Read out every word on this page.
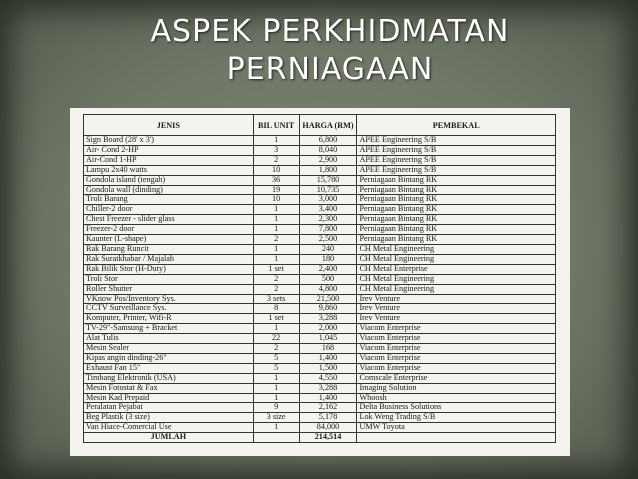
ASPEK PERKHIDMATAN
PERNIAGAAN
JENIS	BIL UNIT	HARGA (RM)	PEMBEKAL
Sign Board (28' x 3')	1	6,800	APEE Engineering S/B
Air- Cond 2-HP	3	8,040	APEE Engineering S/B
Air-Cond 1-HP	2	2,900	APEE Engineering S/B
Lampu 2x40 watts	10	1,800	APEE Engineering S/B
Gondola island (tengah)	36	15,780	Perniagaan Bintang RK
Gondola wall (dinding)	19	10,735	Perniagaan Bintang RK
Troli Barang	10	3,000	Perniagaan Bintang RK
Chiller-2 door	1	3,400	Perniagaan Bintang RK
Chest Freezer - slider glass	1	2,300	Perniagaan Bintang RK
Freezer-2 door	1	7,800	Perniagaan Bintang RK
Kaunter (L-shape)	2	2,500	Perniagaan Bintang RK
Rak Barang Runcit	1	240	CH Metal Engineering
Rak Suratkhabar / Majalah	1	180	CH Metal Engineering
Rak Bilik Stor (H-Duty)	1 set	2,400	CH Metal Enterprise
Troli Stor	2	500	CH Metal Engineering
Roller Shutter	2	4,800	CH Metal Engineering
VKnow Pos/Inventory Sys.	3 sets	21,500	Irev Venture
CCTV Surveillance Sys.	8	9,860	Irev Venture
Komputer, Printer, Wifi-R	1 set	3,288	Irev Venture
TV-29"-Samsung + Bracket	1	2,000	Viacom Enterprise
Alat Tulis	22	1,045	Viacom Enterprise
Mesin Sealer	2	168	Viacom Enterprise
Kipas angin dinding-26"	5	1,400	Viacom Enterprise
Exhaust Fan 15"	5	1,500	Viacom Enterprise
Timbang Elektronik (USA)	1	4,550	Comscale Enterprise
Mesin Fotostat & Fax	1	3,288	Imaging Solution
Mesin Kad Prepaid	1	1,400	Whoosh
Peralatan Pejabat	9	2,162	Delta Business Solutions
Beg Plastik (3 size)	3 size	5,178	Lok Weng Trading S/B
Van Hiace-Comercial Use	1	84,000	UMW Toyota
JUMLAH		214,514	
